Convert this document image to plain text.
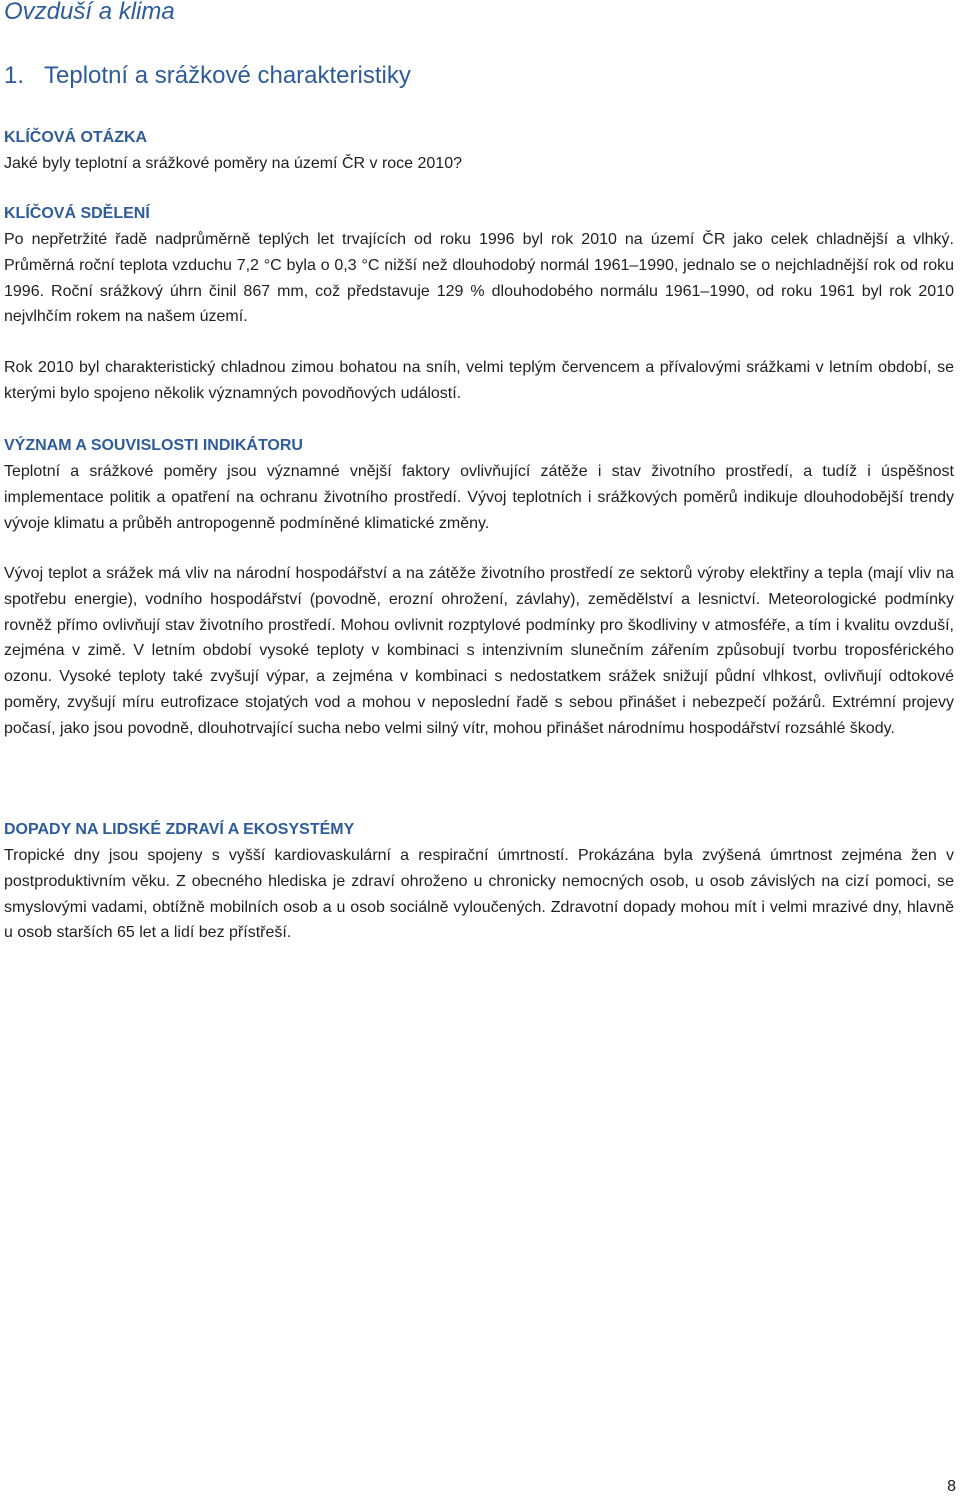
Ovzduší a klima
1.   Teplotní a srážkové charakteristiky
KLÍČOVÁ OTÁZKA

Jaké byly teplotní a srážkové poměry na území ČR v roce 2010?

KLÍČOVÁ SDĚLENÍ

Po nepřetržité řadě nadprůměrně teplých let trvajících od roku 1996 byl rok 2010 na území ČR jako celek chladnější a vlhký. Průměrná roční teplota vzduchu 7,2 °C byla o 0,3 °C nižší než dlouhodobý normál 1961–1990, jednalo se o nejchladnější rok od roku 1996. Roční srážkový úhrn činil 867 mm, což představuje 129 % dlouhodobého normálu 1961–1990, od roku 1961 byl rok 2010 nejvlhčím rokem na našem území.

Rok 2010 byl charakteristický chladnou zimou bohatou na sníh, velmi teplým červencem a přívalovými srážkami v letním období, se kterými bylo spojeno několik významných povodňových událostí.

VÝZNAM A SOUVISLOSTI INDIKÁTORU

Teplotní a srážkové poměry jsou významné vnější faktory ovlivňující zátěže i stav životního prostředí, a tudíž i úspěšnost implementace politik a opatření na ochranu životního prostředí. Vývoj teplotních i srážkových poměrů indikuje dlouhodobější trendy vývoje klimatu a průběh antropogenně podmíněné klimatické změny.

Vývoj teplot a srážek má vliv na národní hospodářství a na zátěže životního prostředí ze sektorů výroby elektřiny a tepla (mají vliv na spotřebu energie), vodního hospodářství (povodně, erozní ohrožení, závlahy), zemědělství a lesnictví. Meteorologické podmínky rovněž přímo ovlivňují stav životního prostředí. Mohou ovlivnit rozptylové podmínky pro škodliviny v atmosféře, a tím i kvalitu ovzduší, zejména v zimě. V letním období vysoké teploty v kombinaci s intenzivním slunečním zářením způsobují tvorbu troposférického ozonu. Vysoké teploty také zvyšují výpar, a zejména v kombinaci s nedostatkem srážek snižují půdní vlhkost, ovlivňují odtokové poměry, zvyšují míru eutrofizace stojatých vod a mohou v neposlední řadě s sebou přinášet i nebezpečí požárů. Extrémní projevy počasí, jako jsou povodně, dlouhotrvající sucha nebo velmi silný vítr, mohou přinášet národnímu hospodářství rozsáhlé škody.

DOPADY NA LIDSKÉ ZDRAVÍ A EKOSYSTÉMY

Tropické dny jsou spojeny s vyšší kardiovaskulární a respirační úmrtností. Prokázána byla zvýšená úmrtnost zejména žen v postproduktivním věku. Z obecného hlediska je zdraví ohroženo u chronicky nemocných osob, u osob závislých na cizí pomoci, se smyslovými vadami, obtížně mobilních osob a u osob sociálně vyloučených. Zdravotní dopady mohou mít i velmi mrazivé dny, hlavně u osob starších 65 let a lidí bez přístřeší.

8
